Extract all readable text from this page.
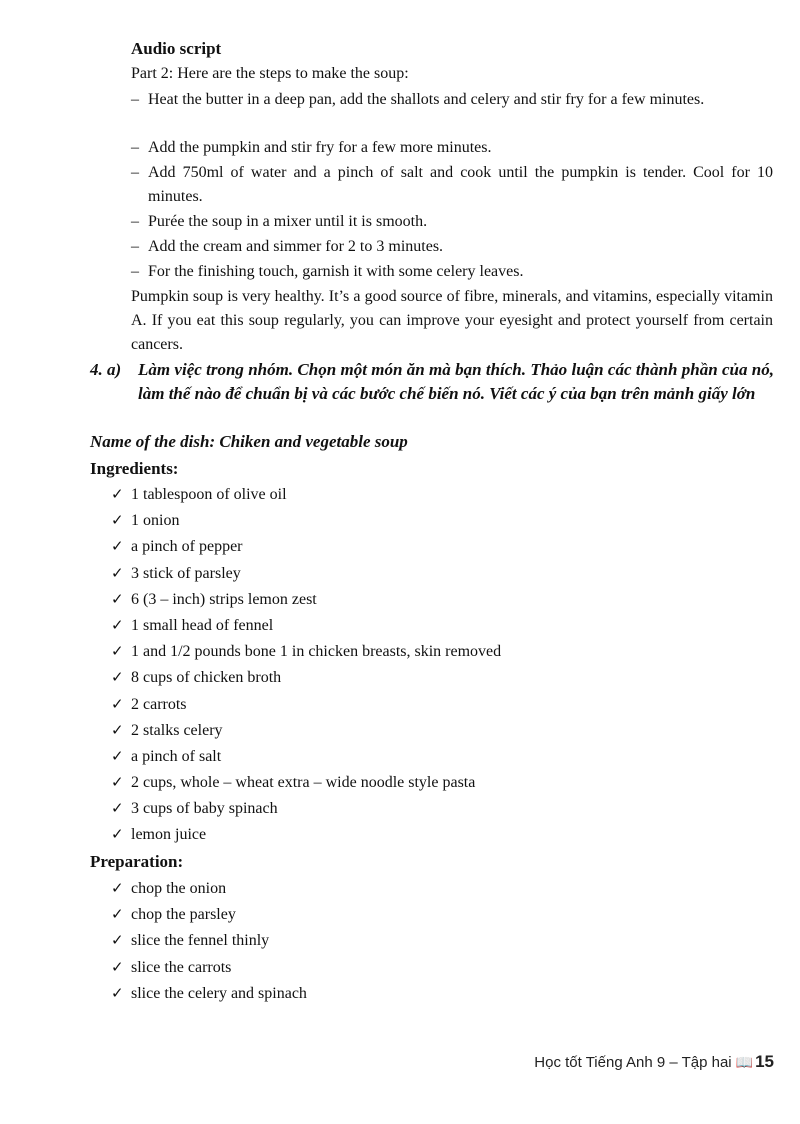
Audio script
Part 2: Here are the steps to make the soup:
– Heat the butter in a deep pan, add the shallots and celery and stir fry for a few minutes.
– Add the pumpkin and stir fry for a few more minutes.
– Add 750ml of water and a pinch of salt and cook until the pumpkin is tender. Cool for 10 minutes.
– Purée the soup in a mixer until it is smooth.
– Add the cream and simmer for 2 to 3 minutes.
– For the finishing touch, garnish it with some celery leaves.
Pumpkin soup is very healthy. It’s a good source of fibre, minerals, and vitamins, especially vitamin A. If you eat this soup regularly, you can improve your eyesight and protect yourself from certain cancers.
4. a) Làm việc trong nhóm. Chọn một món ăn mà bạn thích. Thảo luận các thành phần của nó, làm thế nào để chuẩn bị và các bước chế biến nó. Viết các ý của bạn trên mảnh giấy lớn
Name of the dish: Chiken and vegetable soup
Ingredients:
✓ 1 tablespoon of olive oil
✓ 1 onion
✓ a pinch of pepper
✓ 3 stick of parsley
✓ 6 (3 – inch) strips lemon zest
✓ 1 small head of fennel
✓ 1 and 1/2 pounds bone 1 in chicken breasts, skin removed
✓ 8 cups of chicken broth
✓ 2 carrots
✓ 2 stalks celery
✓ a pinch of salt
✓ 2 cups, whole – wheat extra – wide noodle style pasta
✓ 3 cups of baby spinach
✓ lemon juice
Preparation:
✓ chop the onion
✓ chop the parsley
✓ slice the fennel thinly
✓ slice the carrots
✓ slice the celery and spinach
Học tốt Tiếng Anh 9 – Tập hai 📖 15
